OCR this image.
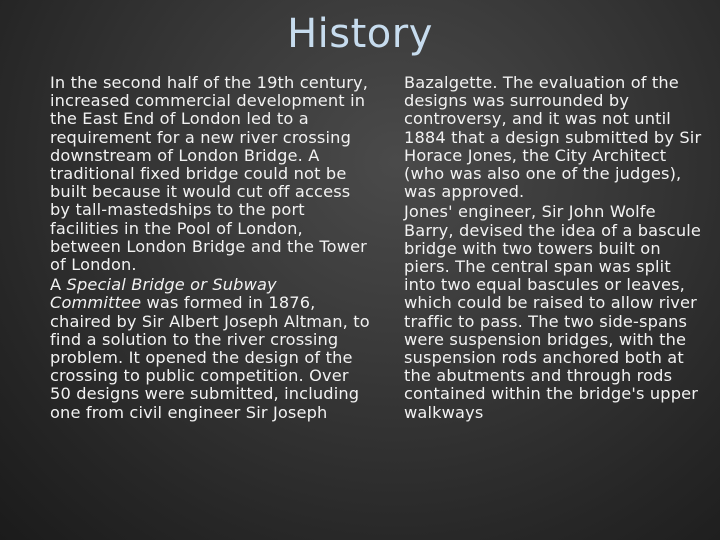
History

In the second half of the 19th century, increased commercial development in the East End of London led to a requirement for a new river crossing downstream of London Bridge. A traditional fixed bridge could not be built because it would cut off access by tall-mastedships to the port facilities in the Pool of London, between London Bridge and the Tower of London.

A Special Bridge or Subway Committee was formed in 1876, chaired by Sir Albert Joseph Altman, to find a solution to the river crossing problem. It opened the design of the crossing to public competition. Over 50 designs were submitted, including one from civil engineer Sir Joseph

Bazalgette. The evaluation of the designs was surrounded by controversy, and it was not until 1884 that a design submitted by Sir Horace Jones, the City Architect (who was also one of the judges), was approved.

Jones' engineer, Sir John Wolfe Barry, devised the idea of a bascule bridge with two towers built on piers. The central span was split into two equal bascules or leaves, which could be raised to allow river traffic to pass. The two side-spans were suspension bridges, with the suspension rods anchored both at the abutments and through rods contained within the bridge's upper walkways
